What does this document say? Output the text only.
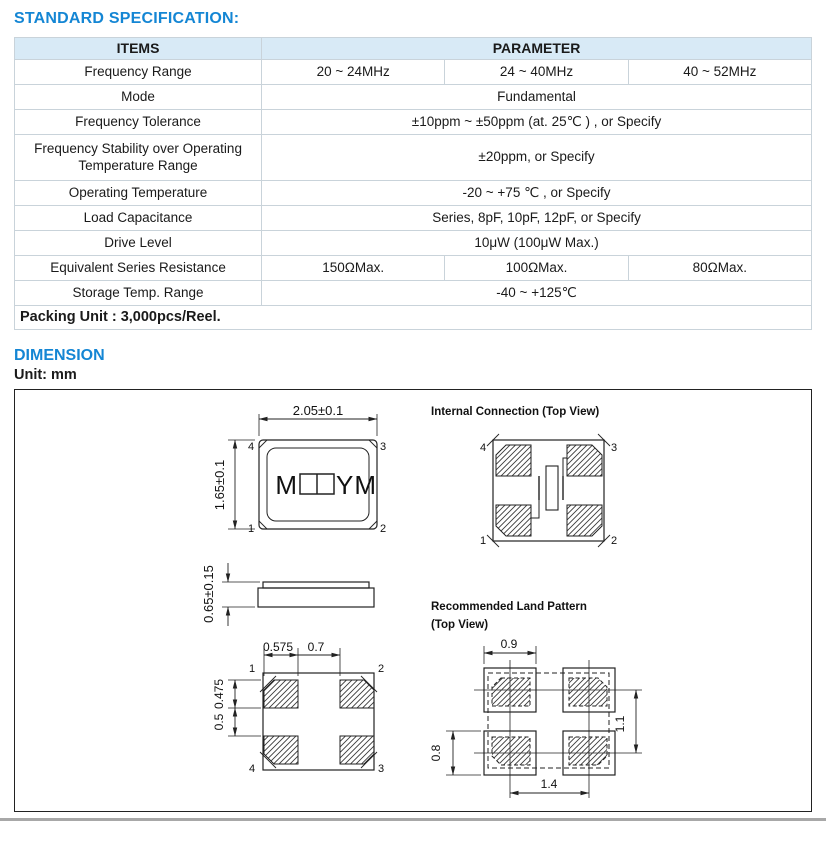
STANDARD SPECIFICATION:
ITEMS	PARAMETER		
Frequency Range	20 ~ 24MHz	24 ~ 40MHz	40 ~ 52MHz
Mode	Fundamental		
Frequency Tolerance	±10ppm ~ ±50ppm (at. 25℃ ) , or Specify		
Frequency Stability over Operating Temperature Range	±20ppm, or Specify		
Operating Temperature	-20 ~ +75 ℃ , or Specify		
Load Capacitance	Series, 8pF, 10pF, 12pF, or Specify		
Drive Level	10μW (100μW Max.)		
Equivalent Series Resistance	150ΩMax.	100ΩMax.	80ΩMax.
Storage Temp. Range	-40 ~ +125℃		
Packing Unit : 3,000pcs/Reel.			
DIMENSION
Unit: mm
2.05±0.1
1.65±0.1 M YM
4	3
1	2
0.65±0.15
0.575 0.7
0.475
0.5
1	2
4	3
Internal Connection (Top View)
4	3
1	2
Recommended Land Pattern
(Top View)
0.9
0.8
1.1
1.4
